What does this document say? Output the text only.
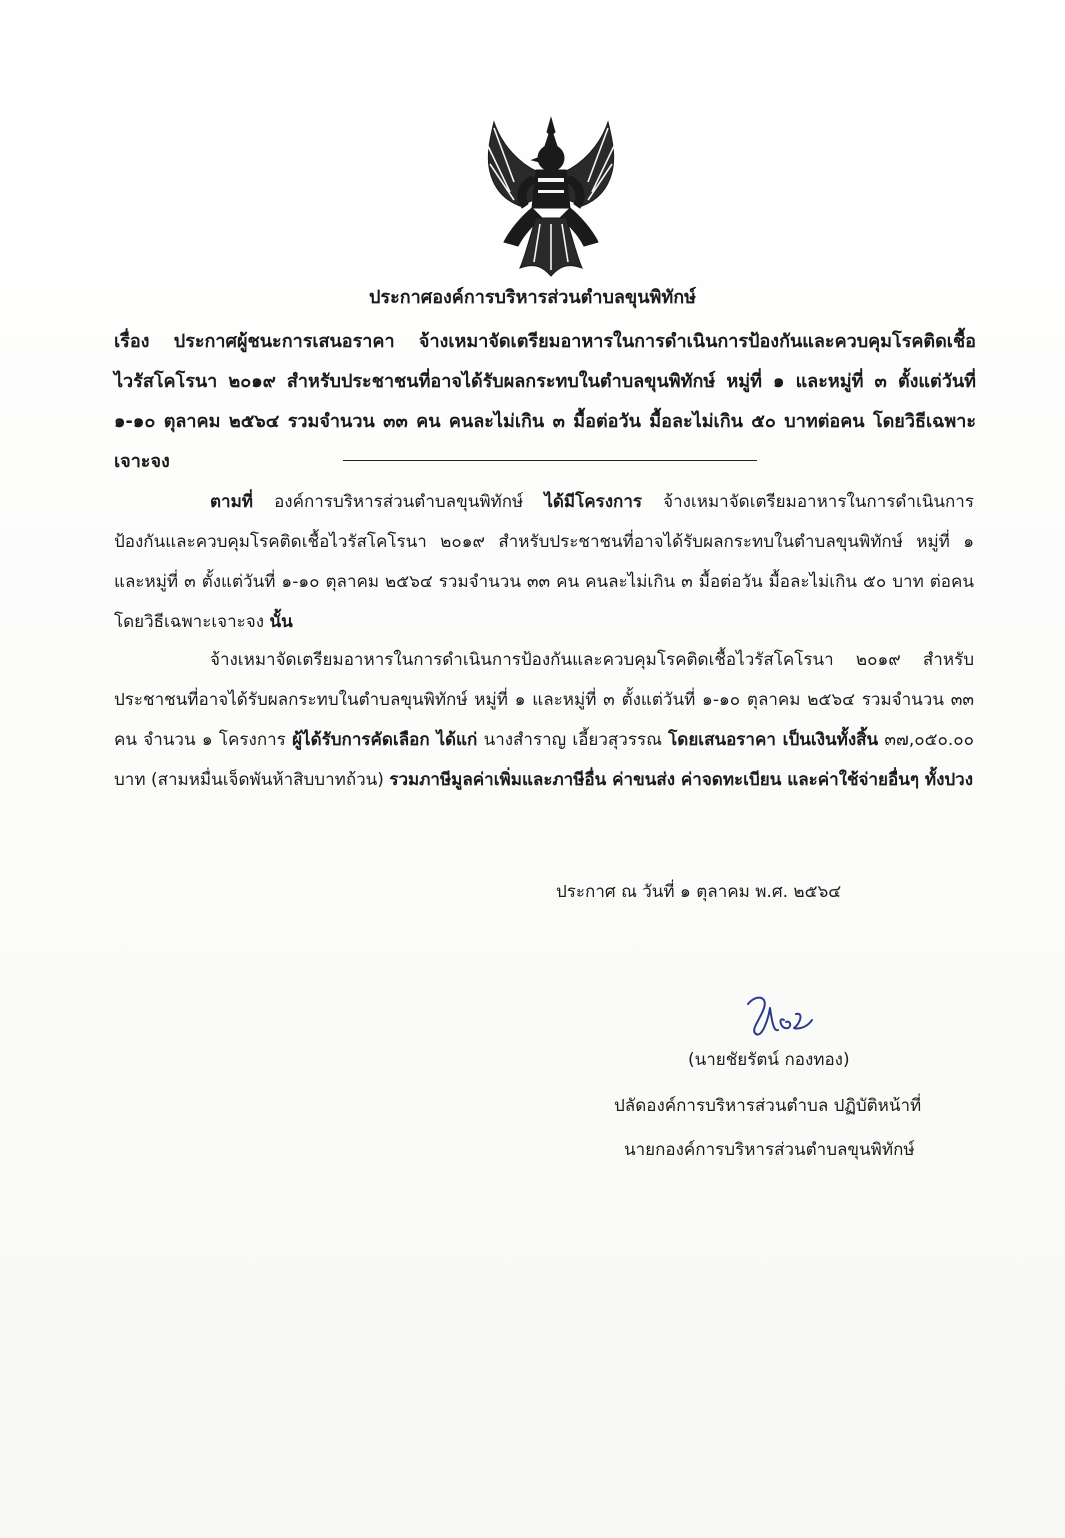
ประกาศองค์การบริหารส่วนตำบลขุนพิทักษ์
เรื่อง ประกาศผู้ชนะการเสนอราคา จ้างเหมาจัดเตรียมอาหารในการดำเนินการป้องกันและควบคุมโรคติดเชื้อไวรัสโคโรนา ๒๐๑๙ สำหรับประชาชนที่อาจได้รับผลกระทบในตำบลขุนพิทักษ์ หมู่ที่ ๑ และหมู่ที่ ๓ ตั้งแต่วันที่ ๑-๑๐ ตุลาคม ๒๕๖๔ รวมจำนวน ๓๓ คน คนละไม่เกิน ๓ มื้อต่อวัน มื้อละไม่เกิน ๕๐ บาทต่อคน โดยวิธีเฉพาะเจาะจง
ตามที่ องค์การบริหารส่วนตำบลขุนพิทักษ์ ได้มีโครงการ จ้างเหมาจัดเตรียมอาหารในการดำเนินการป้องกันและควบคุมโรคติดเชื้อไวรัสโคโรนา ๒๐๑๙ สำหรับประชาชนที่อาจได้รับผลกระทบในตำบลขุนพิทักษ์ หมู่ที่ ๑ และหมู่ที่ ๓ ตั้งแต่วันที่ ๑-๑๐ ตุลาคม ๒๕๖๔ รวมจำนวน ๓๓ คน คนละไม่เกิน ๓ มื้อต่อวัน มื้อละไม่เกิน ๕๐ บาท ต่อคน โดยวิธีเฉพาะเจาะจง นั้น
จ้างเหมาจัดเตรียมอาหารในการดำเนินการป้องกันและควบคุมโรคติดเชื้อไวรัสโคโรนา ๒๐๑๙ สำหรับประชาชนที่อาจได้รับผลกระทบในตำบลขุนพิทักษ์ หมู่ที่ ๑ และหมู่ที่ ๓ ตั้งแต่วันที่ ๑-๑๐ ตุลาคม ๒๕๖๔ รวมจำนวน ๓๓ คน จำนวน ๑ โครงการ ผู้ได้รับการคัดเลือก ได้แก่ นางสำราญ เอี้ยวสุวรรณ โดยเสนอราคา เป็นเงินทั้งสิ้น ๓๗,๐๕๐.๐๐ บาท (สามหมื่นเจ็ดพันห้าสิบบาทถ้วน) รวมภาษีมูลค่าเพิ่มและภาษีอื่น ค่าขนส่ง ค่าจดทะเบียน และค่าใช้จ่ายอื่นๆ ทั้งปวง
ประกาศ ณ วันที่ ๑ ตุลาคม พ.ศ. ๒๕๖๔
(นายชัยรัตน์ กองทอง)
ปลัดองค์การบริหารส่วนตำบล ปฏิบัติหน้าที่
นายกองค์การบริหารส่วนตำบลขุนพิทักษ์
